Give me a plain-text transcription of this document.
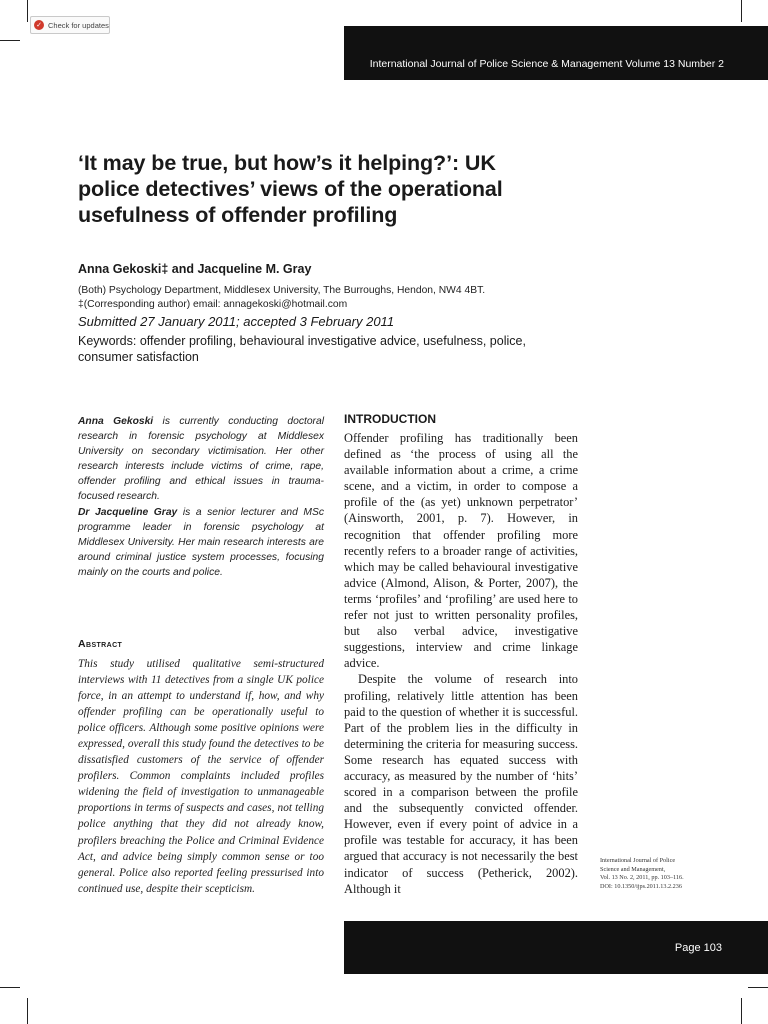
✓ Check for updates
International Journal of Police Science & Management Volume 13 Number 2
‘It may be true, but how’s it helping?’: UK police detectives’ views of the operational usefulness of offender profiling
Anna Gekoski‡ and Jacqueline M. Gray
(Both) Psychology Department, Middlesex University, The Burroughs, Hendon, NW4 4BT.
‡(Corresponding author) email: annagekoski@hotmail.com
Submitted 27 January 2011; accepted 3 February 2011
Keywords: offender profiling, behavioural investigative advice, usefulness, police, consumer satisfaction

Anna Gekoski is currently conducting doctoral research in forensic psychology at Middlesex University on secondary victimisation. Her other research interests include victims of crime, rape, offender profiling and ethical issues in trauma-focused research.
Dr Jacqueline Gray is a senior lecturer and MSc programme leader in forensic psychology at Middlesex University. Her main research interests are around criminal justice system processes, focusing mainly on the courts and police.

Abstract

This study utilised qualitative semi-structured interviews with 11 detectives from a single UK police force, in an attempt to understand if, how, and why offender profiling can be operationally useful to police officers. Although some positive opinions were expressed, overall this study found the detectives to be dissatisfied customers of the service of offender profilers. Common complaints included profiles widening the field of investigation to unmanageable proportions in terms of suspects and cases, not telling police anything that they did not already know, profilers breaching the Police and Criminal Evidence Act, and advice being simply common sense or too general. Police also reported feeling pressurised into continued use, despite their scepticism.

INTRODUCTION

Offender profiling has traditionally been defined as ‘the process of using all the available information about a crime, a crime scene, and a victim, in order to compose a profile of the (as yet) unknown perpetrator’ (Ainsworth, 2001, p. 7). However, in recognition that offender profiling more recently refers to a broader range of activities, which may be called behavioural investigative advice (Almond, Alison, & Porter, 2007), the terms ‘profiles’ and ‘profiling’ are used here to refer not just to written personality profiles, but also verbal advice, investigative suggestions, interview and crime linkage advice.

Despite the volume of research into profiling, relatively little attention has been paid to the question of whether it is successful. Part of the problem lies in the difficulty in determining the criteria for measuring success. Some research has equated success with accuracy, as measured by the number of ‘hits’ scored in a comparison between the profile and the subsequently convicted offender. However, even if every point of advice in a profile was testable for accuracy, it has been argued that accuracy is not necessarily the best indicator of success (Petherick, 2002). Although it

International Journal of Police
Science and Management,
Vol. 13 No. 2, 2011, pp. 103–116.
DOI: 10.1350/ijps.2011.13.2.236
Page 103
